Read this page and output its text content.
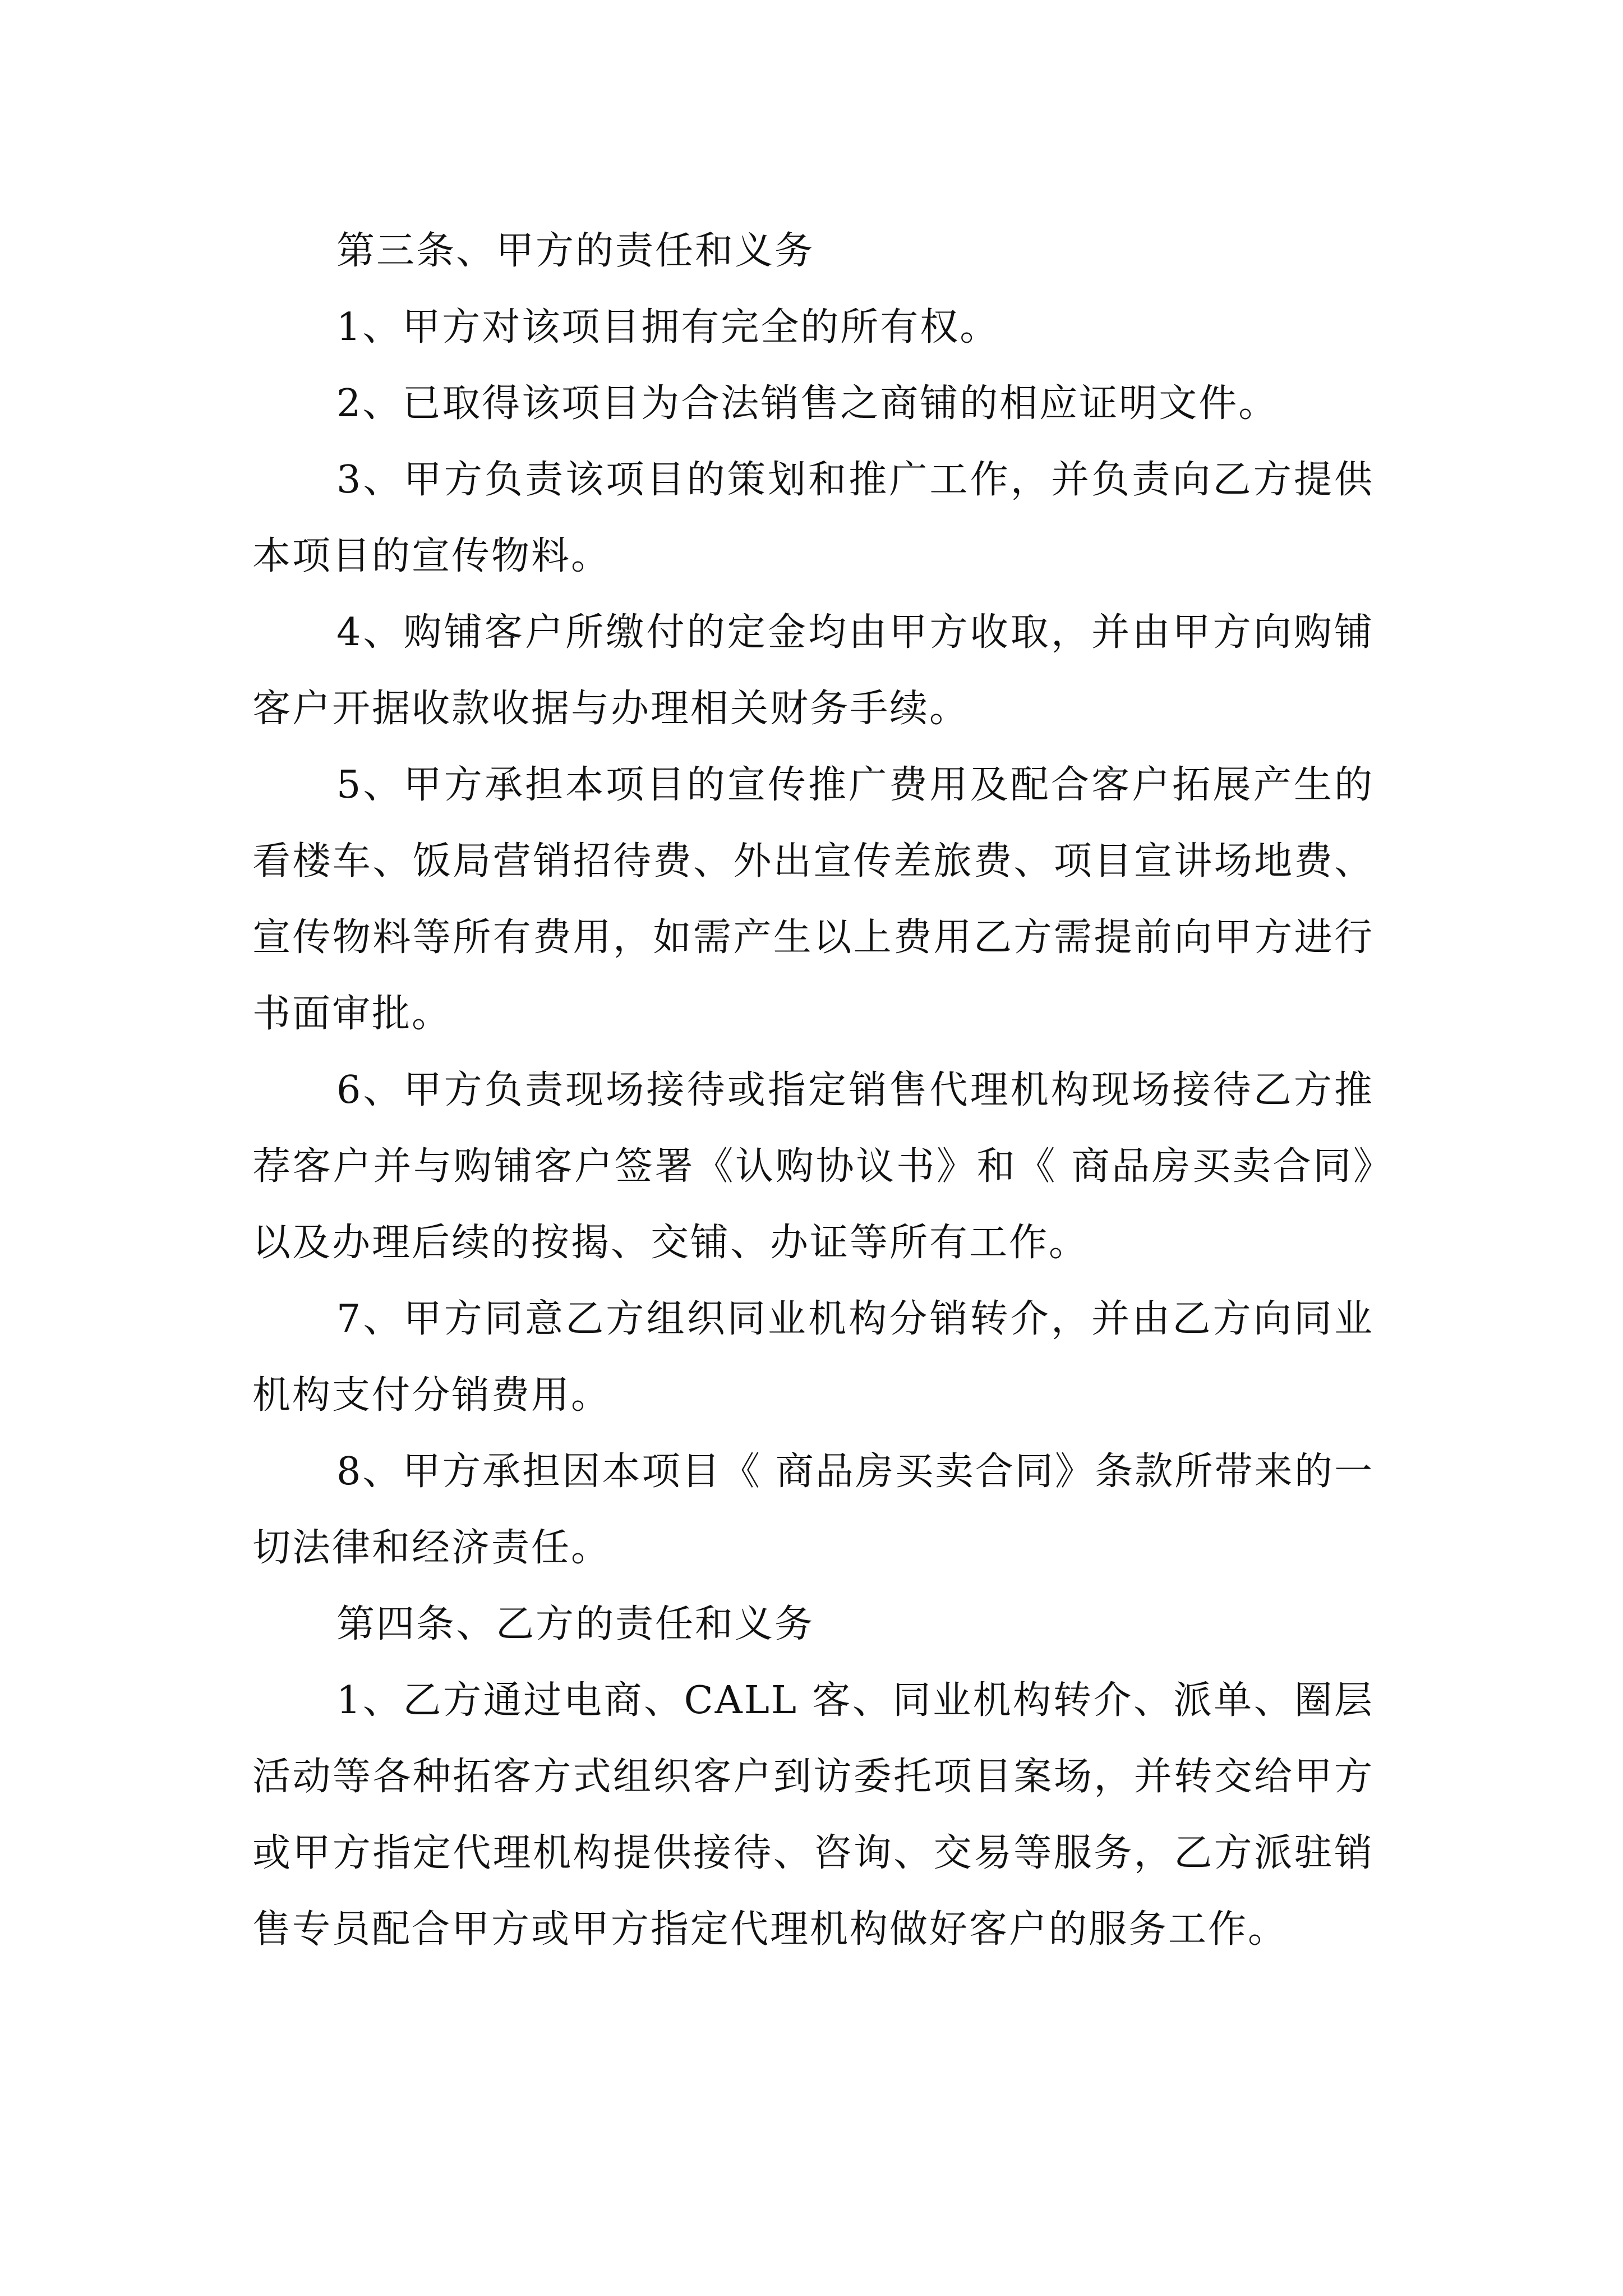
第三条、甲方的责任和义务

1、甲方对该项目拥有完全的所有权。

2、已取得该项目为合法销售之商铺的相应证明文件。

3、甲方负责该项目的策划和推广工作，并负责向乙方提供本项目的宣传物料。

4、购铺客户所缴付的定金均由甲方收取，并由甲方向购铺客户开据收款收据与办理相关财务手续。

5、甲方承担本项目的宣传推广费用及配合客户拓展产生的看楼车、饭局营销招待费、外出宣传差旅费、项目宣讲场地费、宣传物料等所有费用，如需产生以上费用乙方需提前向甲方进行书面审批。

6、甲方负责现场接待或指定销售代理机构现场接待乙方推荐客户并与购铺客户签署《认购协议书》和《 商品房买卖合同》以及办理后续的按揭、交铺、办证等所有工作。

7、甲方同意乙方组织同业机构分销转介，并由乙方向同业机构支付分销费用。

8、甲方承担因本项目《 商品房买卖合同》条款所带来的一切法律和经济责任。

第四条、乙方的责任和义务

1、乙方通过电商、CALL 客、同业机构转介、派单、圈层活动等各种拓客方式组织客户到访委托项目案场，并转交给甲方或甲方指定代理机构提供接待、咨询、交易等服务，乙方派驻销售专员配合甲方或甲方指定代理机构做好客户的服务工作。
